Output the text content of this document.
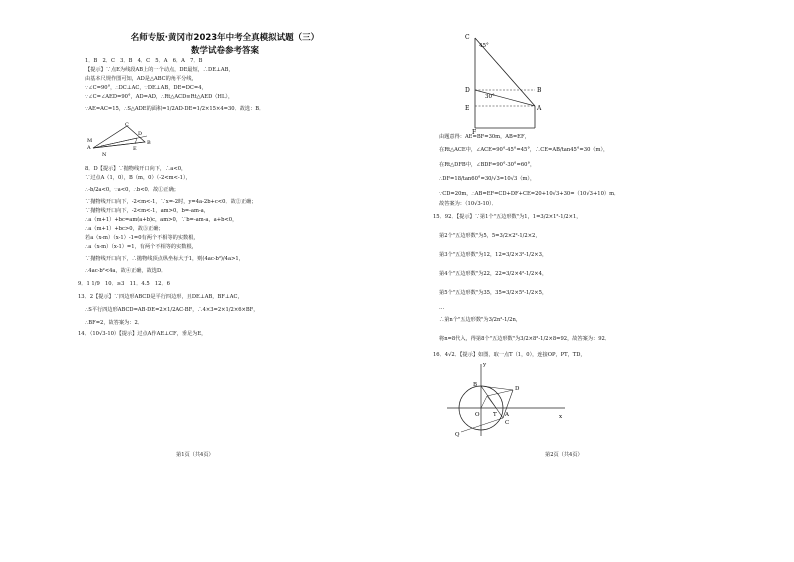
名师专版·黄冈市2023年中考全真模拟试题（三）
数学试卷参考答案
1．B　2．C　3．B　4．C　5．A　6．A　7．B
【提示】∵点E为线段AB上的一个动点，DE最短，∴DE⊥AB，
由基本尺规作图可知，AD是△ABC的角平分线，
∵∠C=90°，∴DC⊥AC，∵DE⊥AB，DE=DC=4，
∵∠C=∠AED=90°，AD=AD，∴Rt△ACD≌Rt△AED（HL），
∵AE=AC=15，∴S△ADE的面积=1/2AD·DE=1/2×15×4=30．故选：B．
C
A
N
M
D
E
B
8．D【提示】∵抛物线开口向下，∴a<0，
∵过点A（1，0），B（m，0）（-2<m<-1），
∴-b/2a<0，∵a<0，∴b<0．故①正确；
∵抛物线开口向下，-2<m<-1，∵x=-2时，y=4a-2b+c<0．故②正确；
∵抛物线开口向下，-2<m<-1，am>0，b=-am-a，
∴a（m+1）+bc=am(a+b)c，am>0，∵b=-am-a，a+b<0，
∴a（m+1）+bc>0，故③正确；
若a（x-m）（x-1）-1=0有两个不相等的实数根，
∴a（x-m）（x-1）=1，有两个不相等的实数根，
∵抛物线开口向下，∴抛物线顶点纵坐标大于1，则(4ac-b²)/4a>1，
∴4ac-b²<4a，故④正确，故选D．
9．1 1/9　10．≥3　11．4.5　12．6
13．2【提示】∵四边形ABCD是平行四边形，且DE⊥AB，BF⊥AC，
∴S平行四边形ABCD=AB·DE=2×1/2AC·BF，∴4×3=2×1/2×6×BF，
∴BF=2，故答案为：2．
14．（10√3-10）【提示】过点A作AE⊥CF，垂足为E，
第1页（共4页）
C
45°
D
30°
B
A
E
F
由题意得：AE=BF=30m，AB=EF，
在Rt△ACE中，∠ACE=90°-45°=45°，∴CE=AB/tan45°=30（m），
在Rt△DFB中，∠BDF=90°-30°=60°，
∴DF=18/tan60°=30/√3=10√3（m），
∵CD=20m，∴AB=EF=CD+DF+CE=20+10√3+30=（10√3+10）m．
故答案为：（10√3-10）．
15．92．【提示】∵第1个"五边形数"为1，1=3/2×1²-1/2×1，
第2个"五边形数"为5，5=3/2×2²-1/2×2，
第3个"五边形数"为12，12=3/2×3²-1/2×3，
第4个"五边形数"为22，22=3/2×4²-1/2×4，
第5个"五边形数"为35，35=3/2×5²-1/2×5，
…
∴第n个"五边形数"为3/2n²-1/2n，
将n=8代入，得第8个"五边形数"为3/2×8²-1/2×8=92，故答案为：92．
16．4√2．【提示】如图，取一点T（1，0），连接OP，PT，TD，
y
B
D
O T A
C
Q
x
第2页（共4页）
